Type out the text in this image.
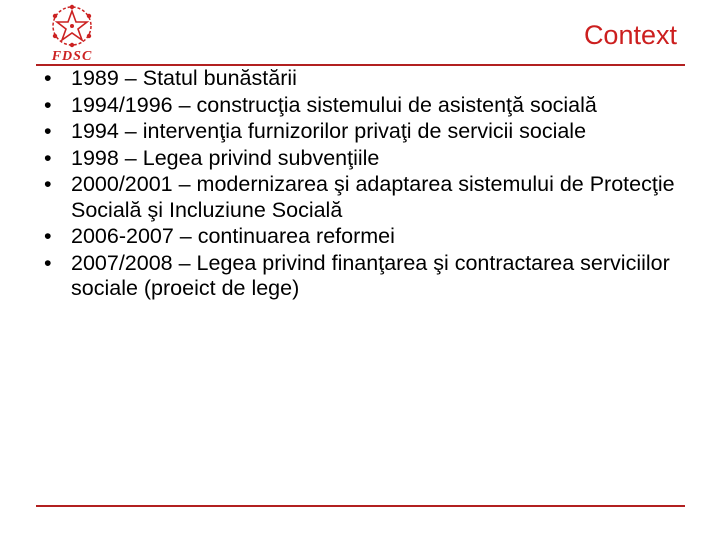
FDSC
Context
• 1989 – Statul bunăstării
• 1994/1996 – construcţia sistemului de asistenţă socială
• 1994 – intervenţia furnizorilor privaţi de servicii sociale
• 1998 – Legea privind subvenţiile
• 2000/2001 – modernizarea şi adaptarea sistemului de Protecţie Socială şi Incluziune Socială
• 2006-2007 – continuarea reformei
• 2007/2008 – Legea privind finanţarea şi contractarea serviciilor sociale (proeict de lege)
